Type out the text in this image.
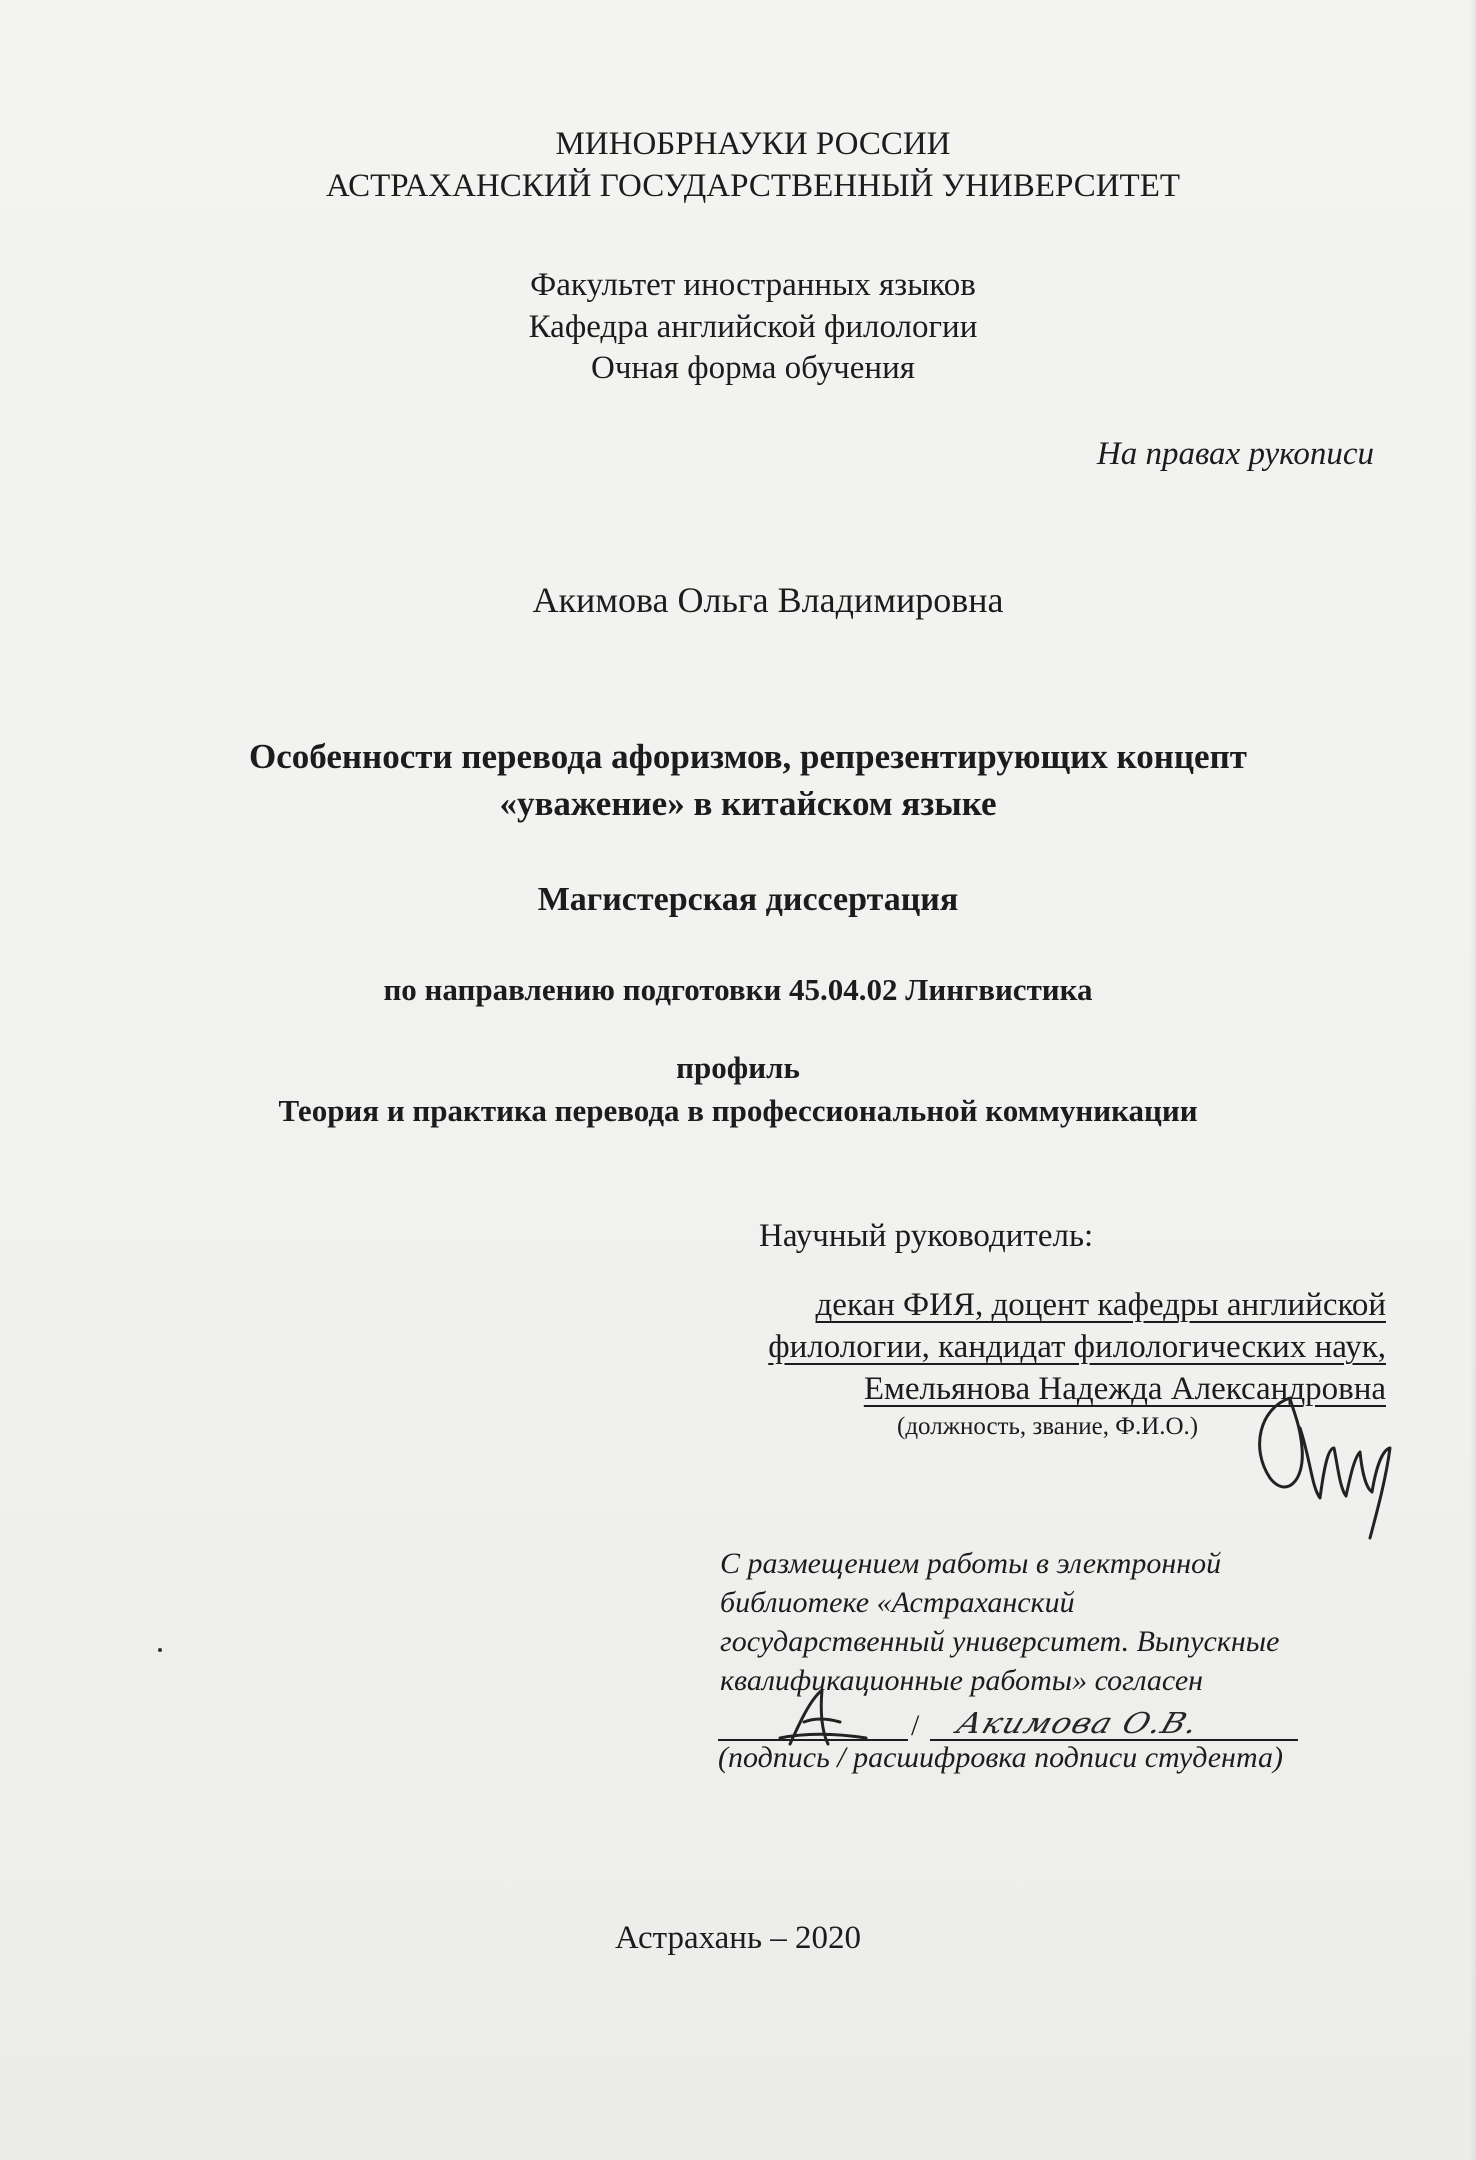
МИНОБРНАУКИ РОССИИ
АСТРАХАНСКИЙ ГОСУДАРСТВЕННЫЙ УНИВЕРСИТЕТ
Факультет иностранных языков
Кафедра английской филологии
Очная форма обучения
На правах рукописи
Акимова Ольга Владимировна
Особенности перевода афоризмов, репрезентирующих концепт
«уважение» в китайском языке
Магистерская диссертация
по направлению подготовки 45.04.02 Лингвистика
профиль
Теория и практика перевода в профессиональной коммуникации
Научный руководитель:
декан ФИЯ, доцент кафедры английской
филологии, кандидат филологических наук,
Емельянова Надежда Александровна
(должность, звание, Ф.И.О.)
С размещением работы в электронной
библиотеке «Астраханский
государственный университет. Выпускные
квалификационные работы» согласен
/ Акимова О.В.
(подпись / расшифровка подписи студента)
Астрахань – 2020
